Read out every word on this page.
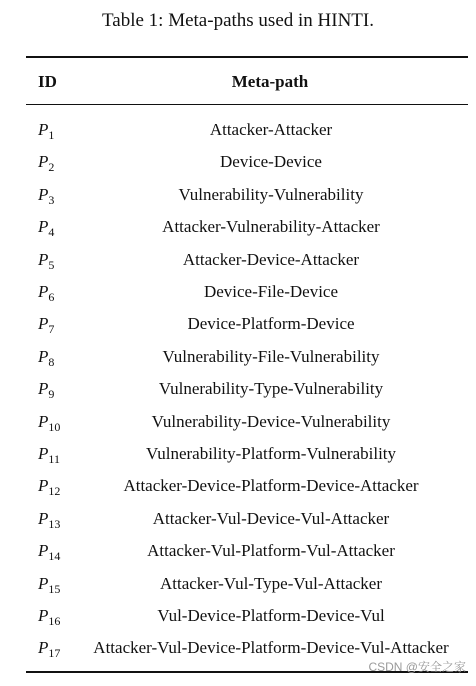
Table 1: Meta-paths used in HINTI.
ID	Meta-path
$P_1$	Attacker-Attacker
$P_2$	Device-Device
$P_3$	Vulnerability-Vulnerability
$P_4$	Attacker-Vulnerability-Attacker
$P_5$	Attacker-Device-Attacker
$P_6$	Device-File-Device
$P_7$	Device-Platform-Device
$P_8$	Vulnerability-File-Vulnerability
$P_9$	Vulnerability-Type-Vulnerability
$P_{10}$	Vulnerability-Device-Vulnerability
$P_{11}$	Vulnerability-Platform-Vulnerability
$P_{12}$	Attacker-Device-Platform-Device-Attacker
$P_{13}$	Attacker-Vul-Device-Vul-Attacker
$P_{14}$	Attacker-Vul-Platform-Vul-Attacker
$P_{15}$	Attacker-Vul-Type-Vul-Attacker
$P_{16}$	Vul-Device-Platform-Device-Vul
$P_{17}$	Attacker-Vul-Device-Platform-Device-Vul-Attacker
CSDN @安全之家
